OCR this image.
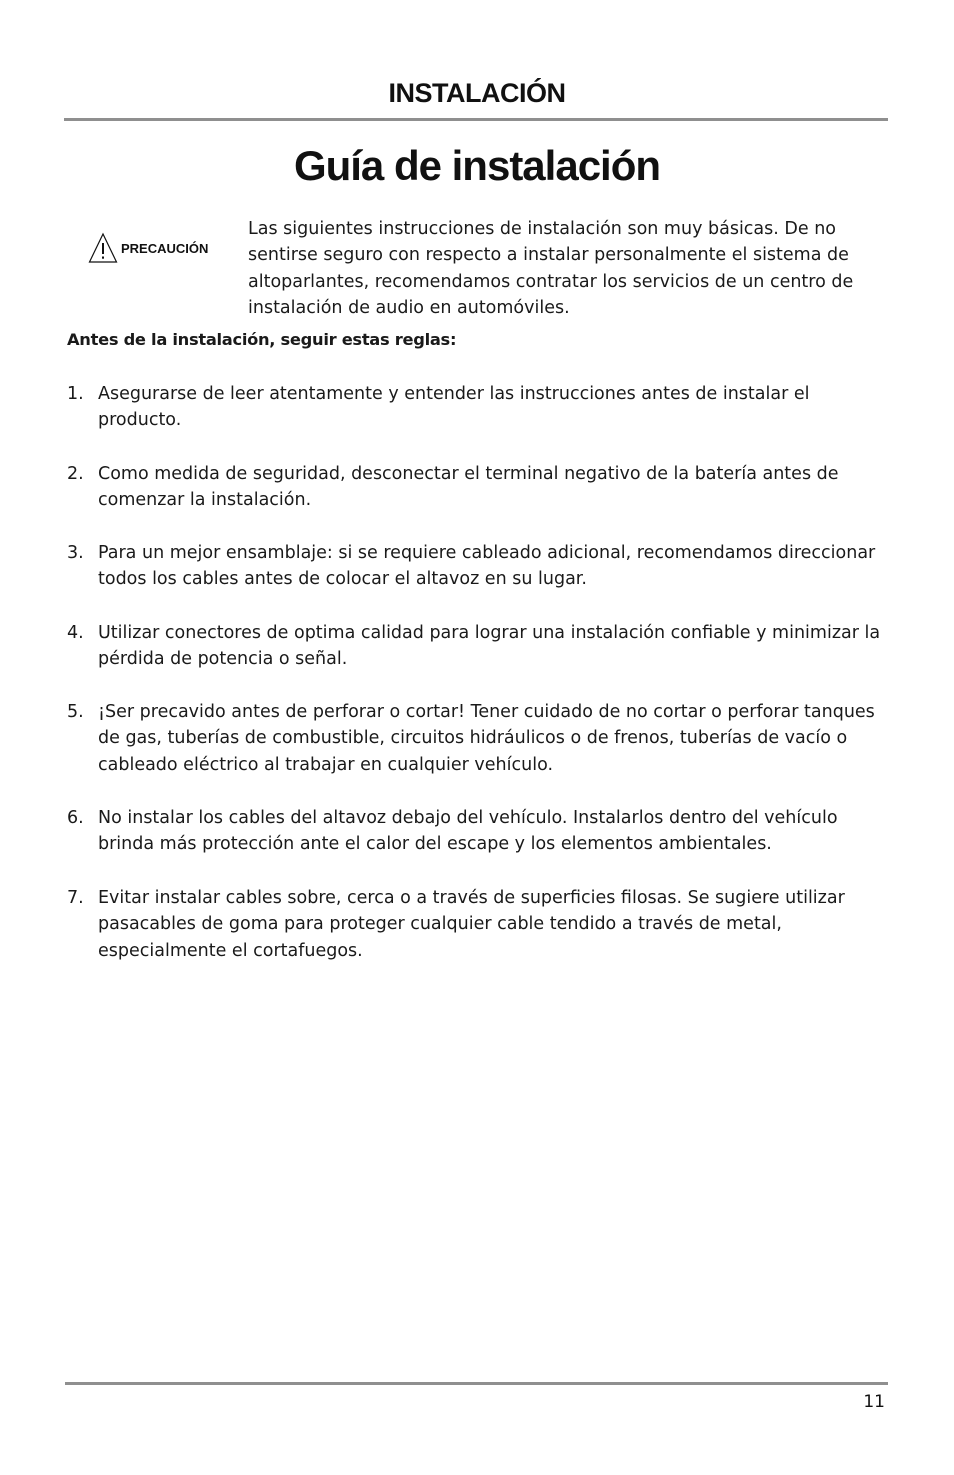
INSTALACIÓN
Guía de instalación
PRECAUCIÓN

Las siguientes instrucciones de instalación son muy básicas. De no sentirse seguro con respecto a instalar personalmente el sistema de altoparlantes, recomendamos contratar los servicios de un centro de instalación de audio en automóviles.

Antes de la instalación, seguir estas reglas:

1. Asegurarse de leer atentamente y entender las instrucciones antes de instalar el producto.
2. Como medida de seguridad, desconectar el terminal negativo de la batería antes de comenzar la instalación.
3. Para un mejor ensamblaje: si se requiere cableado adicional, recomendamos direccionar todos los cables antes de colocar el altavoz en su lugar.
4. Utilizar conectores de optima calidad para lograr una instalación confiable y minimizar la pérdida de potencia o señal.
5. ¡Ser precavido antes de perforar o cortar! Tener cuidado de no cortar o perforar tanques de gas, tuberías de combustible, circuitos hidráulicos o de frenos, tuberías de vacío o cableado eléctrico al trabajar en cualquier vehículo.
6. No instalar los cables del altavoz debajo del vehículo. Instalarlos dentro del vehículo brinda más protección ante el calor del escape y los elementos ambientales.
7. Evitar instalar cables sobre, cerca o a través de superficies filosas. Se sugiere utilizar pasacables de goma para proteger cualquier cable tendido a través de metal, especialmente el cortafuegos.
11
